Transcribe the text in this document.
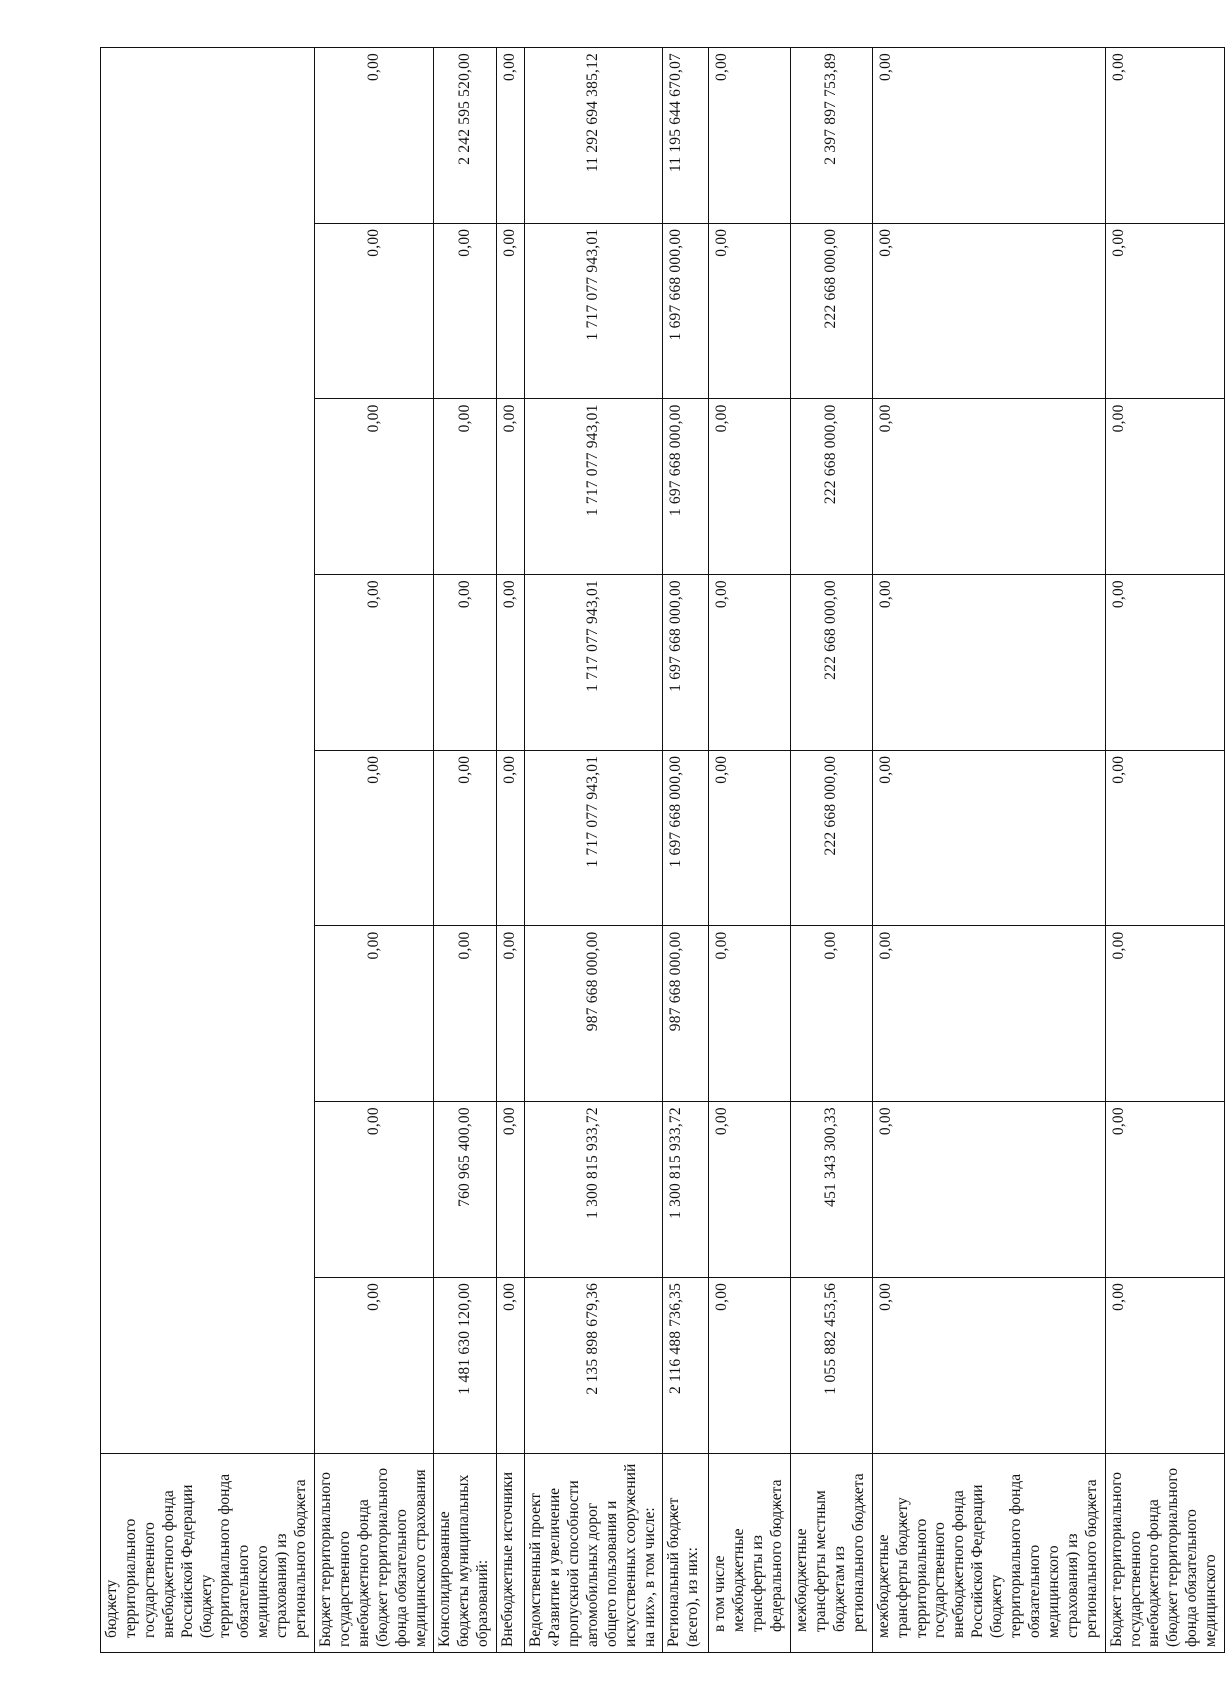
бюджету территориального государственного внебюджетного фонда Российской Федерации (бюджету территориального фонда обязательного медицинского страхования) из регионального бюджета								
Бюджет территориального государственного внебюджетного фонда (бюджет территориального фонда обязательного медицинского страхования	0,00	0,00	0,00	0,00	0,00	0,00	0,00	0,00
Консолидированные бюджеты муниципальных образований:	1 481 630 120,00	760 965 400,00	0,00	0,00	0,00	0,00	0,00	2 242 595 520,00
Внебюджетные источники	0,00	0,00	0,00	0,00	0,00	0,00	0,00	0,00
Ведомственный проект «Развитие и увеличение пропускной способности автомобильных дорог общего пользования и искусственных сооружений на них», в том числе:	2 135 898 679,36	1 300 815 933,72	987 668 000,00	1 717 077 943,01	1 717 077 943,01	1 717 077 943,01	1 717 077 943,01	11 292 694 385,12
Региональный бюджет (всего), из них:	2 116 488 736,35	1 300 815 933,72	987 668 000,00	1 697 668 000,00	1 697 668 000,00	1 697 668 000,00	1 697 668 000,00	11 195 644 670,07
в том числе межбюджетные трансферты из федерального бюджета	0,00	0,00	0,00	0,00	0,00	0,00	0,00	0,00
межбюджетные трансферты местным бюджетам из регионального бюджета	1 055 882 453,56	451 343 300,33	0,00	222 668 000,00	222 668 000,00	222 668 000,00	222 668 000,00	2 397 897 753,89
межбюджетные трансферты бюджету территориального государственного внебюджетного фонда Российской Федерации (бюджету территориального фонда обязательного медицинского страхования) из регионального бюджета	0,00	0,00	0,00	0,00	0,00	0,00	0,00	0,00
Бюджет территориального государственного внебюджетного фонда (бюджет территориального фонда обязательного медицинского	0,00	0,00	0,00	0,00	0,00	0,00	0,00	0,00
